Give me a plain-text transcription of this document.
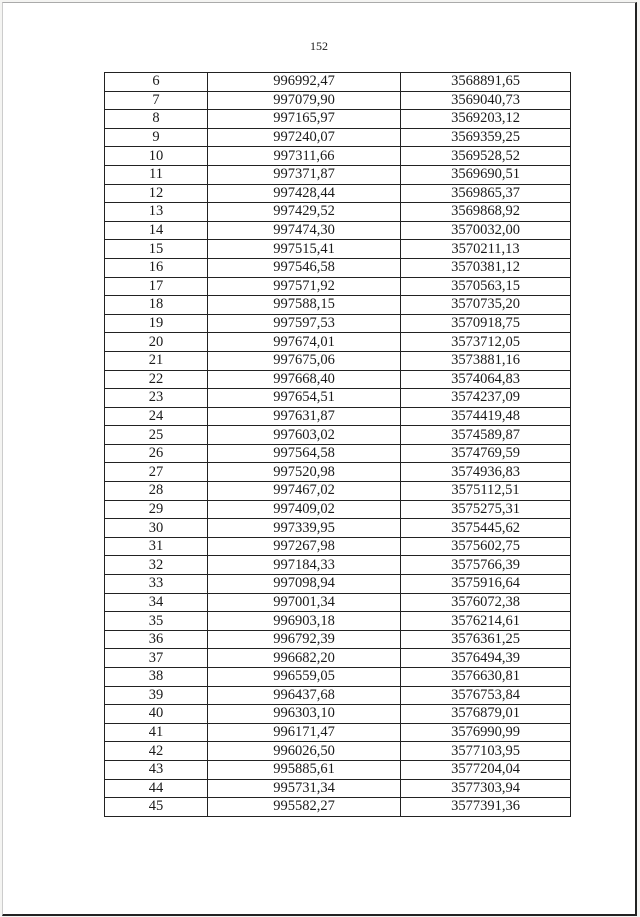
152
6	996992,47	3568891,65
7	997079,90	3569040,73
8	997165,97	3569203,12
9	997240,07	3569359,25
10	997311,66	3569528,52
11	997371,87	3569690,51
12	997428,44	3569865,37
13	997429,52	3569868,92
14	997474,30	3570032,00
15	997515,41	3570211,13
16	997546,58	3570381,12
17	997571,92	3570563,15
18	997588,15	3570735,20
19	997597,53	3570918,75
20	997674,01	3573712,05
21	997675,06	3573881,16
22	997668,40	3574064,83
23	997654,51	3574237,09
24	997631,87	3574419,48
25	997603,02	3574589,87
26	997564,58	3574769,59
27	997520,98	3574936,83
28	997467,02	3575112,51
29	997409,02	3575275,31
30	997339,95	3575445,62
31	997267,98	3575602,75
32	997184,33	3575766,39
33	997098,94	3575916,64
34	997001,34	3576072,38
35	996903,18	3576214,61
36	996792,39	3576361,25
37	996682,20	3576494,39
38	996559,05	3576630,81
39	996437,68	3576753,84
40	996303,10	3576879,01
41	996171,47	3576990,99
42	996026,50	3577103,95
43	995885,61	3577204,04
44	995731,34	3577303,94
45	995582,27	3577391,36
